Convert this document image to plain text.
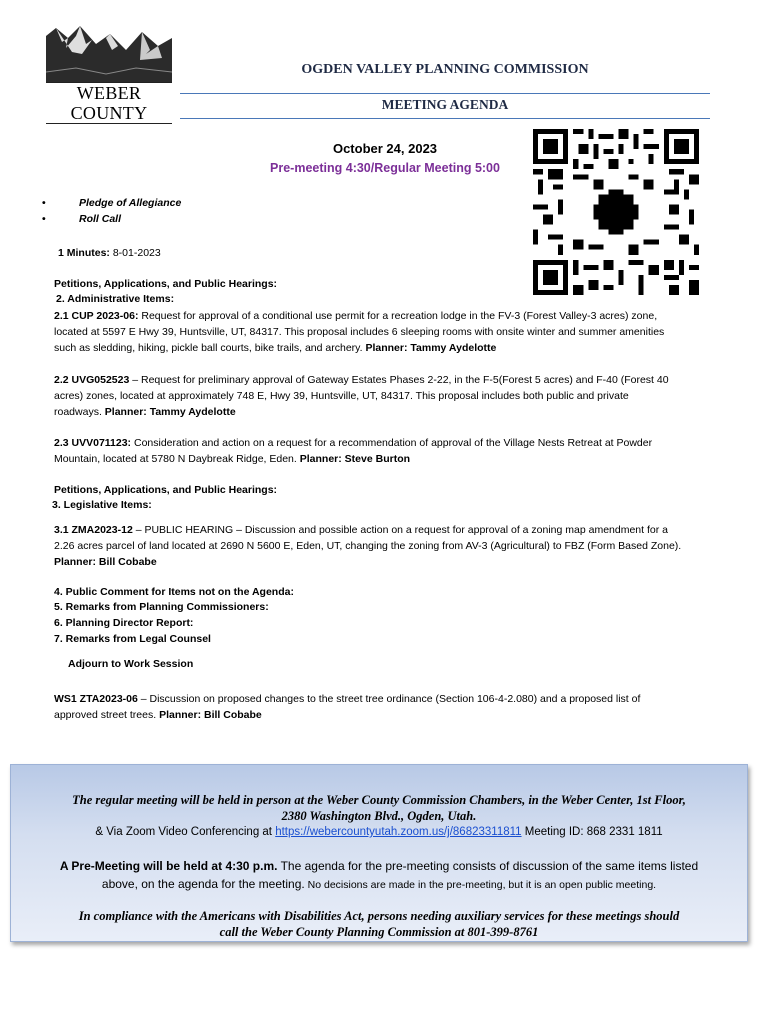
WEBER COUNTY
OGDEN VALLEY PLANNING COMMISSION
MEETING AGENDA
October 24, 2023
Pre-meeting 4:30/Regular Meeting 5:00
•	Pledge of Allegiance
•	Roll Call
1 Minutes: 8-01-2023
Petitions, Applications, and Public Hearings:
2. Administrative Items:
2.1 CUP 2023-06: Request for approval of a conditional use permit for a recreation lodge in the FV-3 (Forest Valley-3 acres) zone,
located at 5597 E Hwy 39, Huntsville, UT, 84317. This proposal includes 6 sleeping rooms with onsite winter and summer amenities
such as sledding, hiking, pickle ball courts, bike trails, and archery. Planner: Tammy Aydelotte
2.2 UVG052523 – Request for preliminary approval of Gateway Estates Phases 2-22, in the F-5(Forest 5 acres) and F-40 (Forest 40
acres) zones, located at approximately 748 E, Hwy 39, Huntsville, UT, 84317. This proposal includes both public and private
roadways. Planner: Tammy Aydelotte
2.3 UVV071123: Consideration and action on a request for a recommendation of approval of the Village Nests Retreat at Powder
Mountain, located at 5780 N Daybreak Ridge, Eden. Planner: Steve Burton
Petitions, Applications, and Public Hearings:
3. Legislative Items:
3.1 ZMA2023-12 – PUBLIC HEARING – Discussion and possible action on a request for approval of a zoning map amendment for a
2.26 acres parcel of land located at 2690 N 5600 E, Eden, UT, changing the zoning from AV-3 (Agricultural) to FBZ (Form Based Zone).
Planner: Bill Cobabe
4. Public Comment for Items not on the Agenda:
5. Remarks from Planning Commissioners:
6. Planning Director Report:
7. Remarks from Legal Counsel
Adjourn to Work Session
WS1 ZTA2023-06 – Discussion on proposed changes to the street tree ordinance (Section 106-4-2.080) and a proposed list of
approved street trees. Planner: Bill Cobabe
The regular meeting will be held in person at the Weber County Commission Chambers, in the Weber Center, 1st Floor,
2380 Washington Blvd., Ogden, Utah.
& Via Zoom Video Conferencing at https://webercountyutah.zoom.us/j/86823311811 Meeting ID: 868 2331 1811
A Pre-Meeting will be held at 4:30 p.m. The agenda for the pre-meeting consists of discussion of the same items listed
above, on the agenda for the meeting. No decisions are made in the pre-meeting, but it is an open public meeting.
In compliance with the Americans with Disabilities Act, persons needing auxiliary services for these meetings should
call the Weber County Planning Commission at 801-399-8761
